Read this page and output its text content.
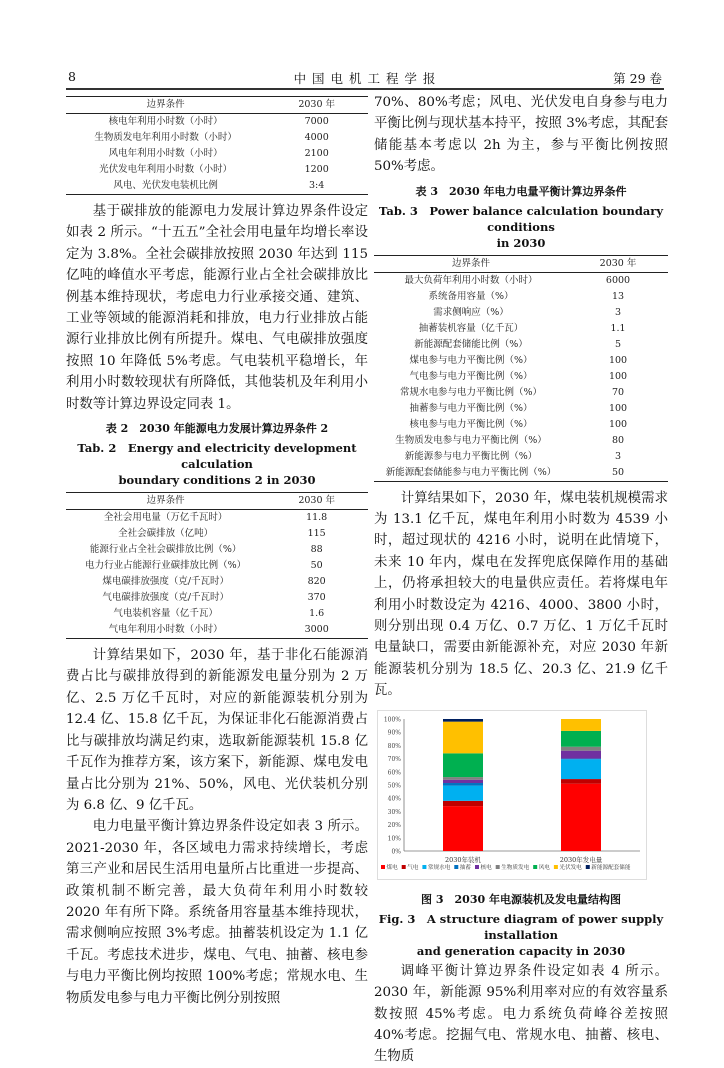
8	中 国 电 机 工 程 学 报	第 29 卷
边界条件	2030 年
核电年利用小时数（小时）	7000
生物质发电年利用小时数（小时）	4000
风电年利用小时数（小时）	2100
光伏发电年利用小时数（小时）	1200
风电、光伏发电装机比例	3:4

基于碳排放的能源电力发展计算边界条件设定如表 2 所示。“十五五”全社会用电量年均增长率设定为 3.8%。全社会碳排放按照 2030 年达到 115 亿吨的峰值水平考虑，能源行业占全社会碳排放比例基本维持现状，考虑电力行业承接交通、建筑、工业等领域的能源消耗和排放，电力行业排放占能源行业排放比例有所提升。煤电、气电碳排放强度按照 10 年降低 5%考虑。气电装机平稳增长，年利用小时数较现状有所降低，其他装机及年利用小时数等计算边界设定同表 1。

表 2　2030 年能源电力发展计算边界条件 2
Tab. 2　Energy and electricity development calculation
boundary conditions 2 in 2030
边界条件	2030 年
全社会用电量（万亿千瓦时）	11.8
全社会碳排放（亿吨）	115
能源行业占全社会碳排放比例（%）	88
电力行业占能源行业碳排放比例（%）	50
煤电碳排放强度（克/千瓦时）	820
气电碳排放强度（克/千瓦时）	370
气电装机容量（亿千瓦）	1.6
气电年利用小时数（小时）	3000

计算结果如下，2030 年，基于非化石能源消费占比与碳排放得到的新能源发电量分别为 2 万亿、2.5 万亿千瓦时，对应的新能源装机分别为 12.4 亿、15.8 亿千瓦，为保证非化石能源消费占比与碳排放均满足约束，选取新能源装机 15.8 亿千瓦作为推荐方案，该方案下，新能源、煤电发电量占比分别为 21%、50%，风电、光伏装机分别为 6.8 亿、9 亿千瓦。

电力电量平衡计算边界条件设定如表 3 所示。2021-2030 年，各区域电力需求持续增长，考虑第三产业和居民生活用电量所占比重进一步提高、政策机制不断完善，最大负荷年利用小时数较 2020 年有所下降。系统备用容量基本维持现状，需求侧响应按照 3%考虑。抽蓄装机设定为 1.1 亿千瓦。考虑技术进步，煤电、气电、抽蓄、核电参与电力平衡比例均按照 100%考虑；常规水电、生物质发电参与电力平衡比例分别按照

70%、80%考虑；风电、光伏发电自身参与电力平衡比例与现状基本持平，按照 3%考虑，其配套储能基本考虑以 2h 为主，参与平衡比例按照 50%考虑。

表 3　2030 年电力电量平衡计算边界条件
Tab. 3　Power balance calculation boundary conditions
in 2030
边界条件	2030 年
最大负荷年利用小时数（小时）	6000
系统备用容量（%）	13
需求侧响应（%）	3
抽蓄装机容量（亿千瓦）	1.1
新能源配套储能比例（%）	5
煤电参与电力平衡比例（%）	100
气电参与电力平衡比例（%）	100
常规水电参与电力平衡比例（%）	70
抽蓄参与电力平衡比例（%）	100
核电参与电力平衡比例（%）	100
生物质发电参与电力平衡比例（%）	80
新能源参与电力平衡比例（%）	3
新能源配套储能参与电力平衡比例（%）	50

计算结果如下，2030 年，煤电装机规模需求为 13.1 亿千瓦，煤电年利用小时数为 4539 小时，超过现状的 4216 小时，说明在此情境下，未来 10 年内，煤电在发挥兜底保障作用的基础上，仍将承担较大的电量供应责任。若将煤电年利用小时数设定为 4216、4000、3800 小时，则分别出现 0.4 万亿、0.7 万亿、1 万亿千瓦时电量缺口，需要由新能源补充，对应 2030 年新能源装机分别为 18.5 亿、20.3 亿、21.9 亿千瓦。

0%
10%
20%
30%
40%
50%
60%
70%
80%
90%
100%
2030年装机	2030年发电量
煤电 气电 常规水电 抽蓄 核电 生物质发电 风电 光伏发电 新能源配套储能
图 3　2030 年电源装机及发电量结构图
Fig. 3　A structure diagram of power supply installation
and generation capacity in 2030

调峰平衡计算边界条件设定如表 4 所示。2030 年，新能源 95%利用率对应的有效容量系数按照 45%考虑。电力系统负荷峰谷差按照 40%考虑。挖掘气电、常规水电、抽蓄、核电、生物质
